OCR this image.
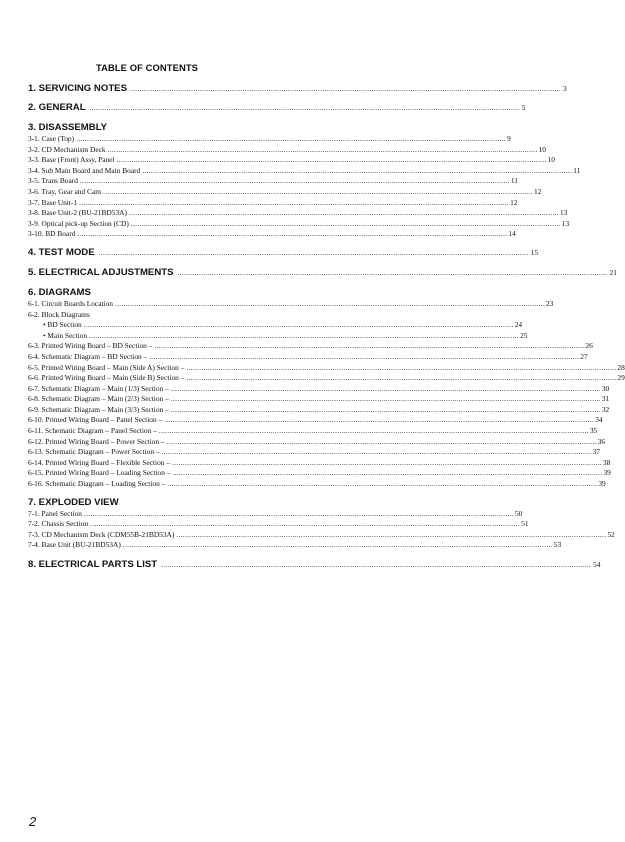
TABLE OF CONTENTS
1. SERVICING NOTES ........................................................................................................................................................................................................ 3
2. GENERAL ........................................................................................................................................................................................................ 5
3. DISASSEMBLY
3-1. Case (Top) ........................................................................................................................................................................................................ 9
3-2. CD Mechanism Deck ........................................................................................................................................................................................................ 10
3-3. Base (Front) Assy, Panel ........................................................................................................................................................................................................ 10
3-4. Sub Main Board and Main Board ........................................................................................................................................................................................................ 11
3-5. Trans Board ........................................................................................................................................................................................................ 11
3-6. Tray, Gear and Cam ........................................................................................................................................................................................................ 12
3-7. Base Unit-1 ........................................................................................................................................................................................................ 12
3-8. Base Unit-2 (BU-21BD53A) ........................................................................................................................................................................................................ 13
3-9. Optical pick-up Section (CD) ........................................................................................................................................................................................................ 13
3-10. BD Board ........................................................................................................................................................................................................ 14
4. TEST MODE ........................................................................................................................................................................................................ 15
5. ELECTRICAL ADJUSTMENTS ........................................................................................................................................................................................................ 21
6. DIAGRAMS
6-1. Circuit Boards Location ........................................................................................................................................................................................................ 23
6-2. Block Diagrams
• BD Section ........................................................................................................................................................................................................ 24
• Main Section ........................................................................................................................................................................................................ 25
6-3. Printed Wiring Board – BD Section – ........................................................................................................................................................................................................ 26
6-4. Schematic Diagram – BD Section – ........................................................................................................................................................................................................ 27
6-5. Printed Wiring Board – Main (Side A) Section – ........................................................................................................................................................................................................ 28
6-6. Printed Wiring Board – Main (Side B) Section – ........................................................................................................................................................................................................ 29
6-7. Schematic Diagram – Main (1/3) Section – ........................................................................................................................................................................................................ 30
6-8. Schematic Diagram – Main (2/3) Section – ........................................................................................................................................................................................................ 31
6-9. Schematic Diagram – Main (3/3) Section – ........................................................................................................................................................................................................ 32
6-10. Printed Wiring Board – Panel Section – ........................................................................................................................................................................................................ 34
6-11. Schematic Diagram – Panel Section – ........................................................................................................................................................................................................ 35
6-12. Printed Wiring Board – Power Section – ........................................................................................................................................................................................................ 36
6-13. Schematic Diagram – Power Section – ........................................................................................................................................................................................................ 37
6-14. Printed Wiring Board – Flexible Section – ........................................................................................................................................................................................................ 38
6-15. Printed Wiring Board – Loading Section – ........................................................................................................................................................................................................ 39
6-16. Schematic Diagram – Loading Section – ........................................................................................................................................................................................................ 39
7. EXPLODED VIEW
7-1. Panel Section ........................................................................................................................................................................................................ 50
7-2. Chassis Section ........................................................................................................................................................................................................ 51
7-3. CD Mechanism Deck (CDM55B-21BD53A) ........................................................................................................................................................................................................ 52
7-4. Base Unit (BU-21BD53A) ........................................................................................................................................................................................................ 53
8. ELECTRICAL PARTS LIST ........................................................................................................................................................................................................ 54
2
